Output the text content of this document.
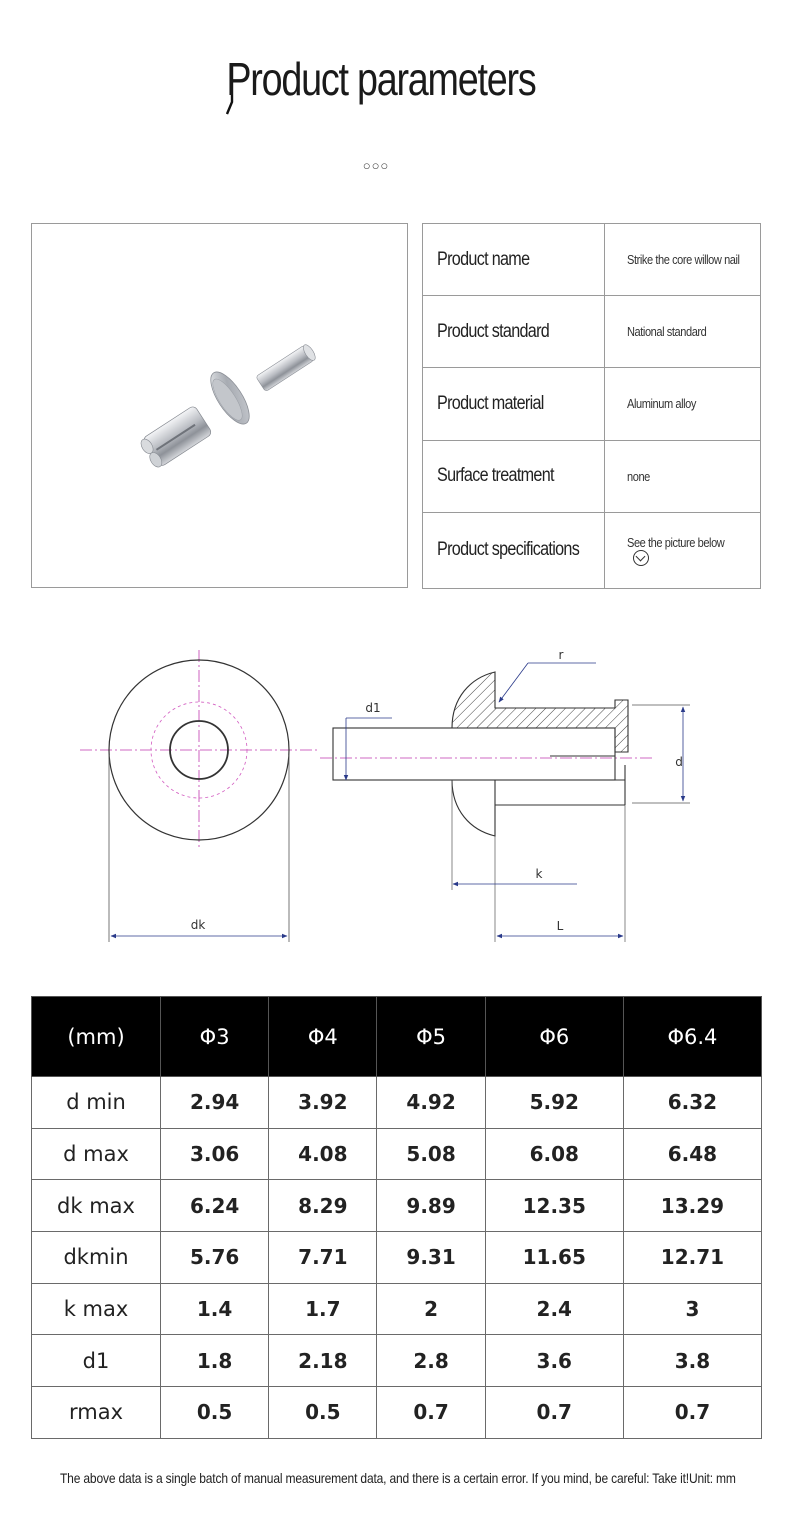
Product parameters
○○○
Product name	Strike the core willow nail
Product standard	National standard
Product material	Aluminum alloy
Surface treatment	none
Product specifications	See the picture below
dk
r
d1
d
k
L
(mm)	Φ3	Φ4	Φ5	Φ6	Φ6.4
d min	2.94	3.92	4.92	5.92	6.32
d max	3.06	4.08	5.08	6.08	6.48
dk max	6.24	8.29	9.89	12.35	13.29
dkmin	5.76	7.71	9.31	11.65	12.71
k max	1.4	1.7	2	2.4	3
d1	1.8	2.18	2.8	3.6	3.8
rmax	0.5	0.5	0.7	0.7	0.7
The above data is a single batch of manual measurement data, and there is a certain error. If you mind, be careful: Take it!Unit: mm
